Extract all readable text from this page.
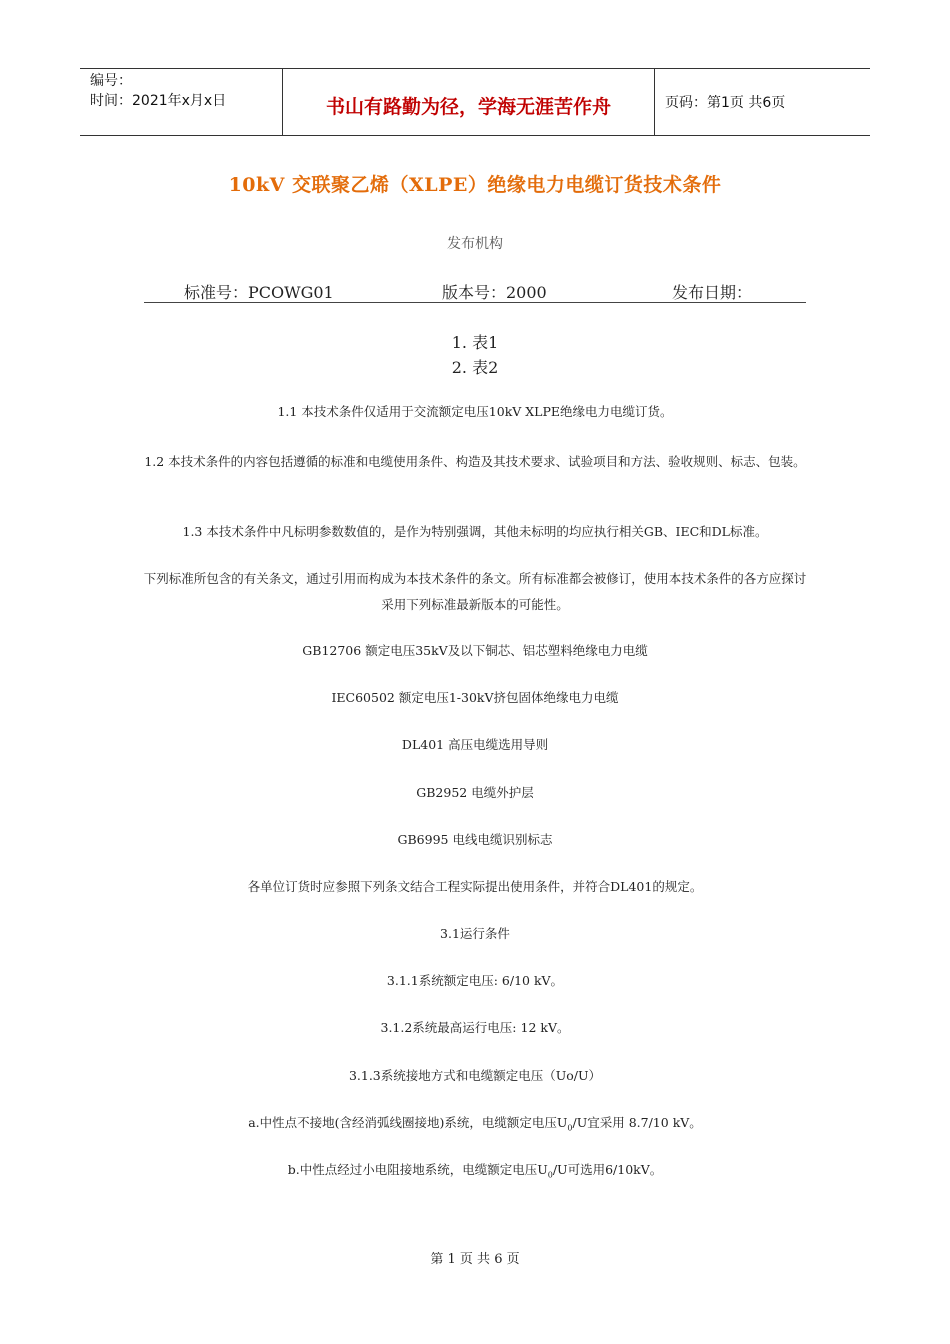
编号：
时间：2021年x月x日	书山有路勤为径，学海无涯苦作舟	页码：第1页 共6页
10kV 交联聚乙烯（XLPE）绝缘电力电缆订货技术条件
发布机构
标准号：PCOWG01	版本号：2000	发布日期：
1. 表1
2. 表2
1.1 本技术条件仅适用于交流额定电压10kV XLPE绝缘电力电缆订货。
1.2 本技术条件的内容包括遵循的标准和电缆使用条件、构造及其技术要求、试验项目和方法、验收规则、标志、包装。
1.3 本技术条件中凡标明参数数值的，是作为特别强调，其他未标明的均应执行相关GB、IEC和DL标准。
下列标准所包含的有关条文，通过引用而构成为本技术条件的条文。所有标准都会被修订，使用本技术条件的各方应探讨采用下列标准最新版本的可能性。
GB12706 额定电压35kV及以下铜芯、铝芯塑料绝缘电力电缆
IEC60502 额定电压1-30kV挤包固体绝缘电力电缆
DL401 高压电缆选用导则
GB2952 电缆外护层
GB6995 电线电缆识别标志
各单位订货时应参照下列条文结合工程实际提出使用条件，并符合DL401的规定。
3.1运行条件
3.1.1系统额定电压: 6/10 kV。
3.1.2系统最高运行电压: 12 kV。
3.1.3系统接地方式和电缆额定电压（Uo/U）
a.中性点不接地(含经消弧线圈接地)系统，电缆额定电压$U_0/U$宜采用 8.7/10 kV。
b.中性点经过小电阻接地系统，电缆额定电压$U_0/U$可选用6/10kV。
第 1 页 共 6 页
